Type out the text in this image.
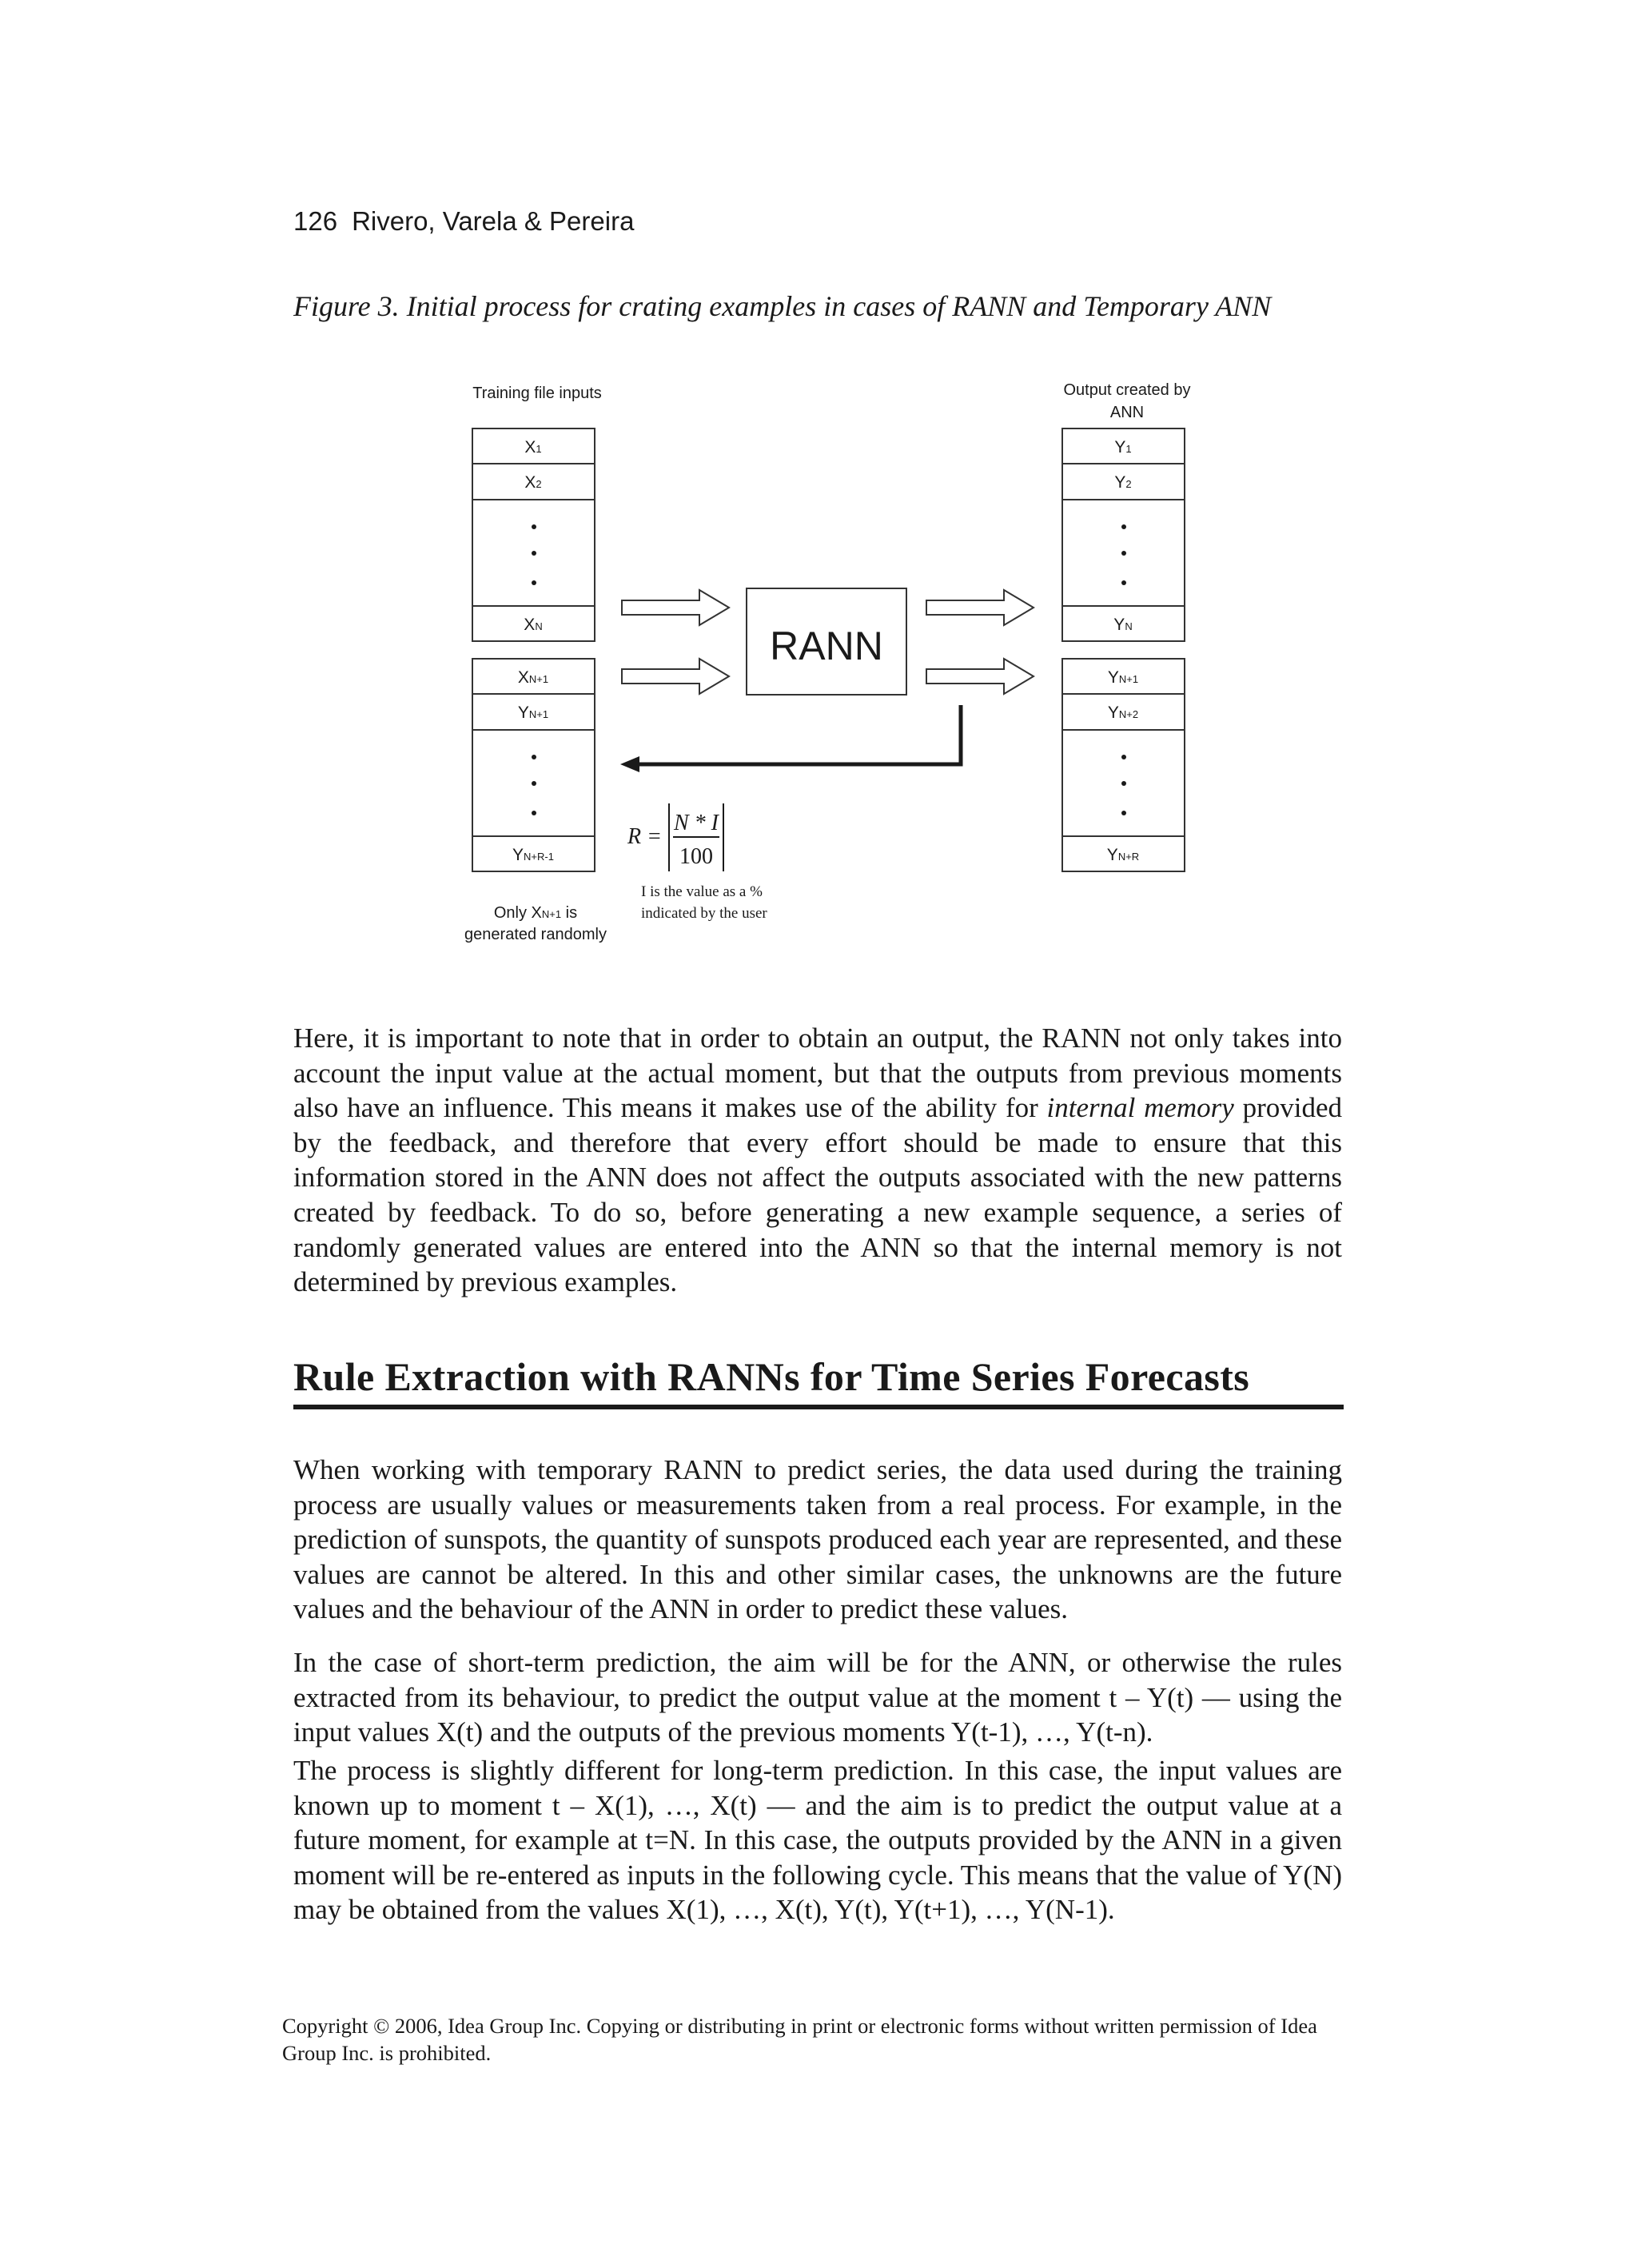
126 Rivero, Varela & Pereira
Figure 3. Initial process for crating examples in cases of RANN and Temporary ANN
Training file inputs	Output created by
ANN
X1
X2
XN
XN+1
YN+1
YN+R-1
Y1
Y2
YN
YN+1
YN+2
YN+R
RANN
R =
N * I
100
I is the value as a %
indicated by the user
Only XN+1 is
generated randomly

Here, it is important to note that in order to obtain an output, the RANN not only takes into account the input value at the actual moment, but that the outputs from previous moments also have an influence. This means it makes use of the ability for internal memory provided by the feedback, and therefore that every effort should be made to ensure that this information stored in the ANN does not affect the outputs associated with the new patterns created by feedback. To do so, before generating a new example sequence, a series of randomly generated values are entered into the ANN so that the internal memory is not determined by previous examples.

Rule Extraction with RANNs for Time Series Forecasts

When working with temporary RANN to predict series, the data used during the training process are usually values or measurements taken from a real process. For example, in the prediction of sunspots, the quantity of sunspots produced each year are represented, and these values are cannot be altered. In this and other similar cases, the unknowns are the future values and the behaviour of the ANN in order to predict these values.

In the case of short-term prediction, the aim will be for the ANN, or otherwise the rules extracted from its behaviour, to predict the output value at the moment t – Y(t) — using the input values X(t) and the outputs of the previous moments Y(t-1), …, Y(t-n).

The process is slightly different for long-term prediction. In this case, the input values are known up to moment t – X(1), …, X(t) — and the aim is to predict the output value at a future moment, for example at t=N. In this case, the outputs provided by the ANN in a given moment will be re-entered as inputs in the following cycle. This means that the value of Y(N) may be obtained from the values X(1), …, X(t), Y(t), Y(t+1), …, Y(N-1).

Copyright © 2006, Idea Group Inc. Copying or distributing in print or electronic forms without written permission of Idea Group Inc. is prohibited.
